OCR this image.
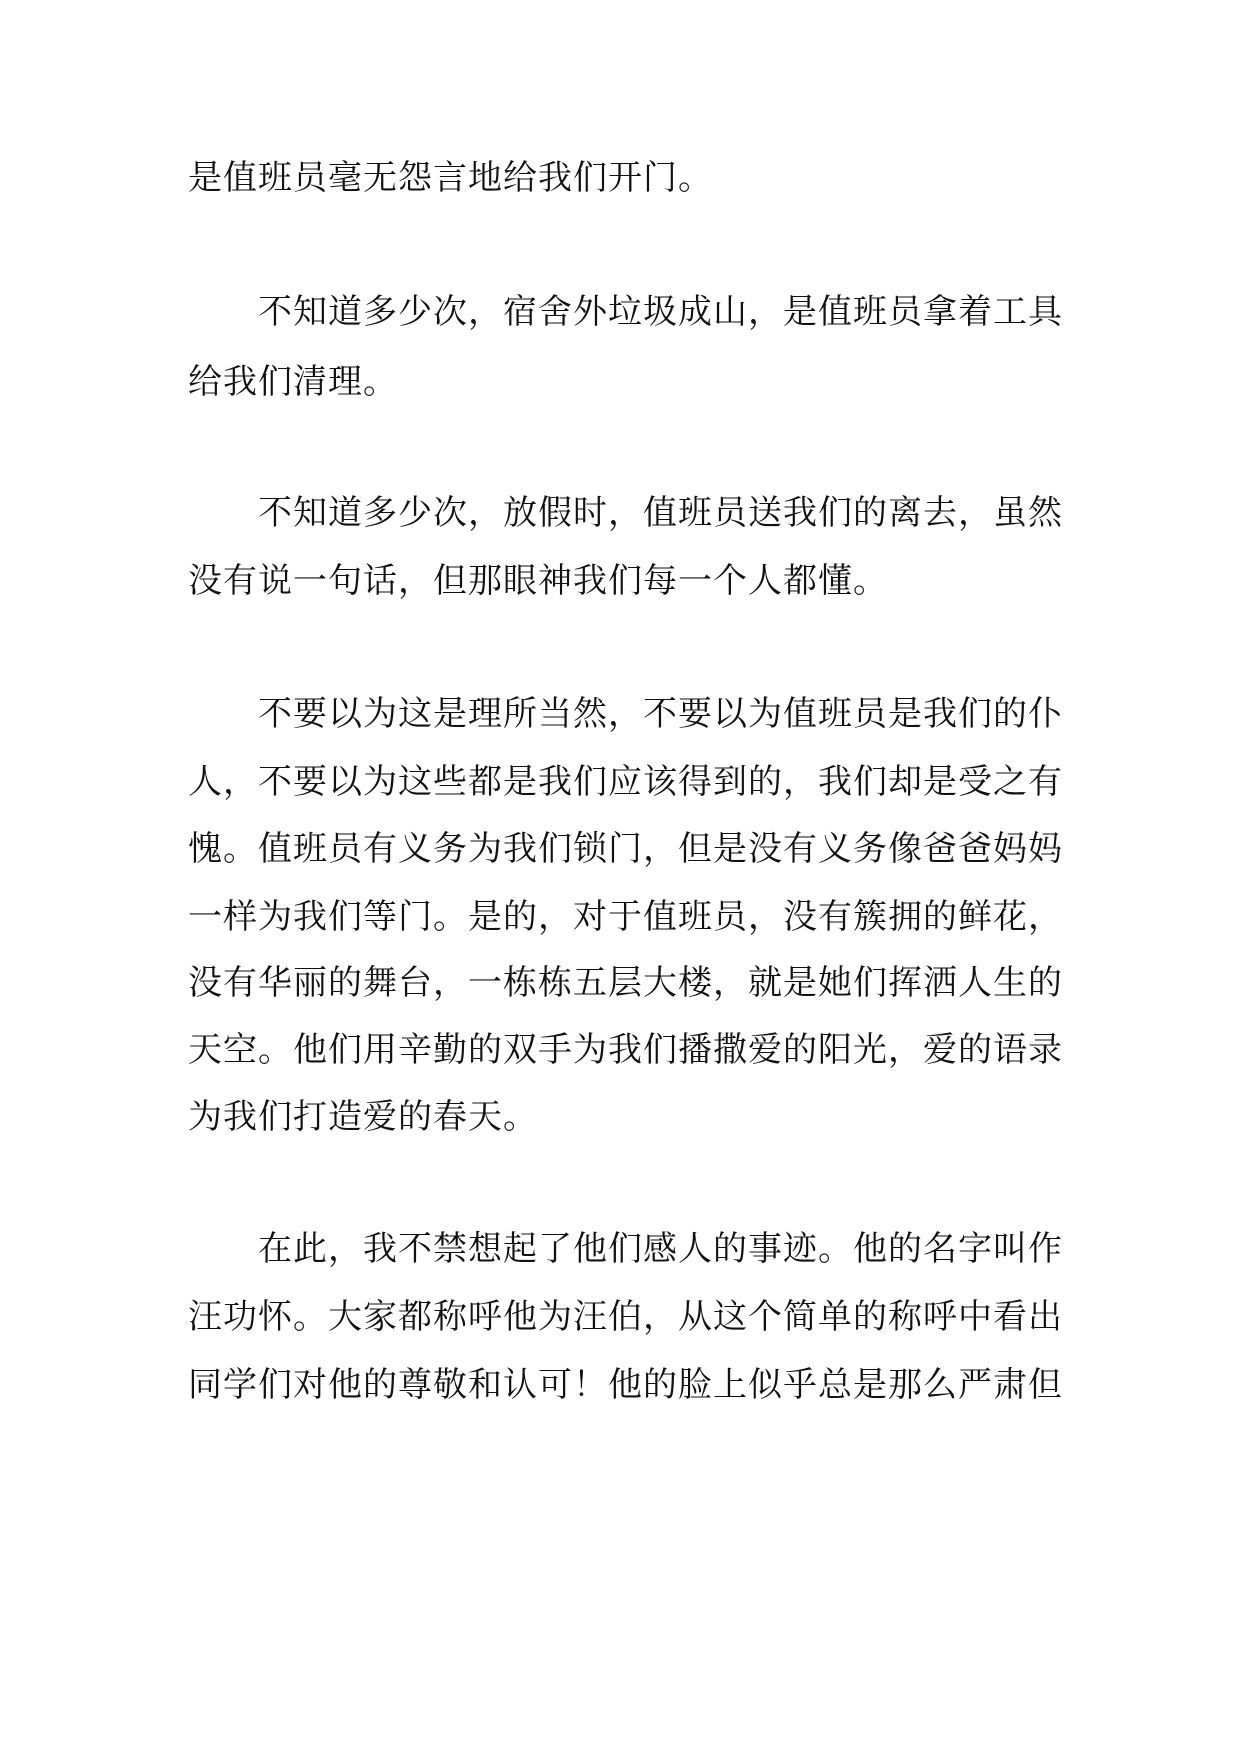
是值班员毫无怨言地给我们开门。
不知道多少次，宿舍外垃圾成山，是值班员拿着工具
给我们清理。
不知道多少次，放假时，值班员送我们的离去，虽然
没有说一句话，但那眼神我们每一个人都懂。
不要以为这是理所当然，不要以为值班员是我们的仆
人，不要以为这些都是我们应该得到的，我们却是受之有
愧。值班员有义务为我们锁门，但是没有义务像爸爸妈妈
一样为我们等门。是的，对于值班员，没有簇拥的鲜花，
没有华丽的舞台，一栋栋五层大楼，就是她们挥洒人生的
天空。他们用辛勤的双手为我们播撒爱的阳光，爱的语录
为我们打造爱的春天。
在此，我不禁想起了他们感人的事迹。他的名字叫作
汪功怀。大家都称呼他为汪伯，从这个简单的称呼中看出
同学们对他的尊敬和认可！他的脸上似乎总是那么严肃但
